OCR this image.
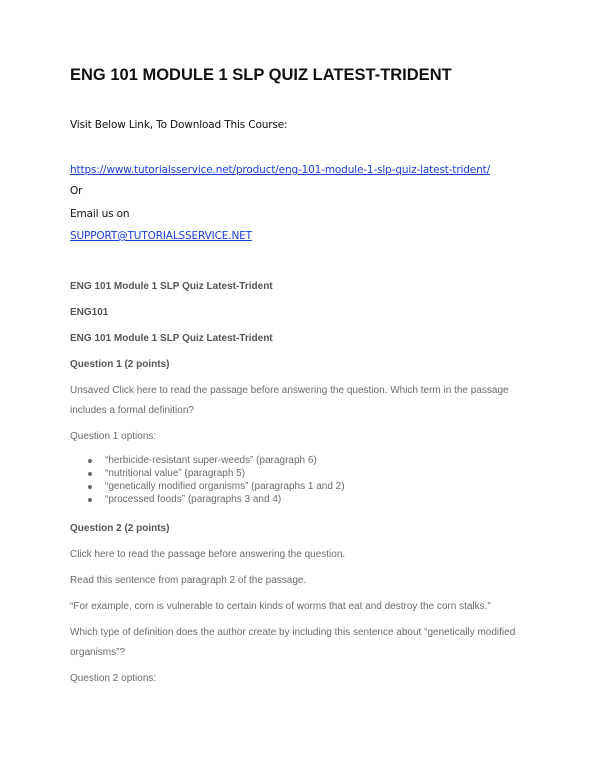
ENG 101 MODULE 1 SLP QUIZ LATEST-TRIDENT
Visit Below Link, To Download This Course:
https://www.tutorialsservice.net/product/eng-101-module-1-slp-quiz-latest-trident/
Or
Email us on
SUPPORT@TUTORIALSSERVICE.NET
ENG 101 Module 1 SLP Quiz Latest-Trident
ENG101
ENG 101 Module 1 SLP Quiz Latest-Trident
Question 1 (2 points)
Unsaved Click here to read the passage before answering the question. Which term in the passage
includes a formal definition?
Question 1 options:
“herbicide-resistant super-weeds” (paragraph 6)
“nutritional value” (paragraph 5)
“genetically modified organisms” (paragraphs 1 and 2)
“processed foods” (paragraphs 3 and 4)
Question 2 (2 points)
Click here to read the passage before answering the question.
Read this sentence from paragraph 2 of the passage.
“For example, corn is vulnerable to certain kinds of worms that eat and destroy the corn stalks.”
Which type of definition does the author create by including this sentence about “genetically modified
organisms”?
Question 2 options:
